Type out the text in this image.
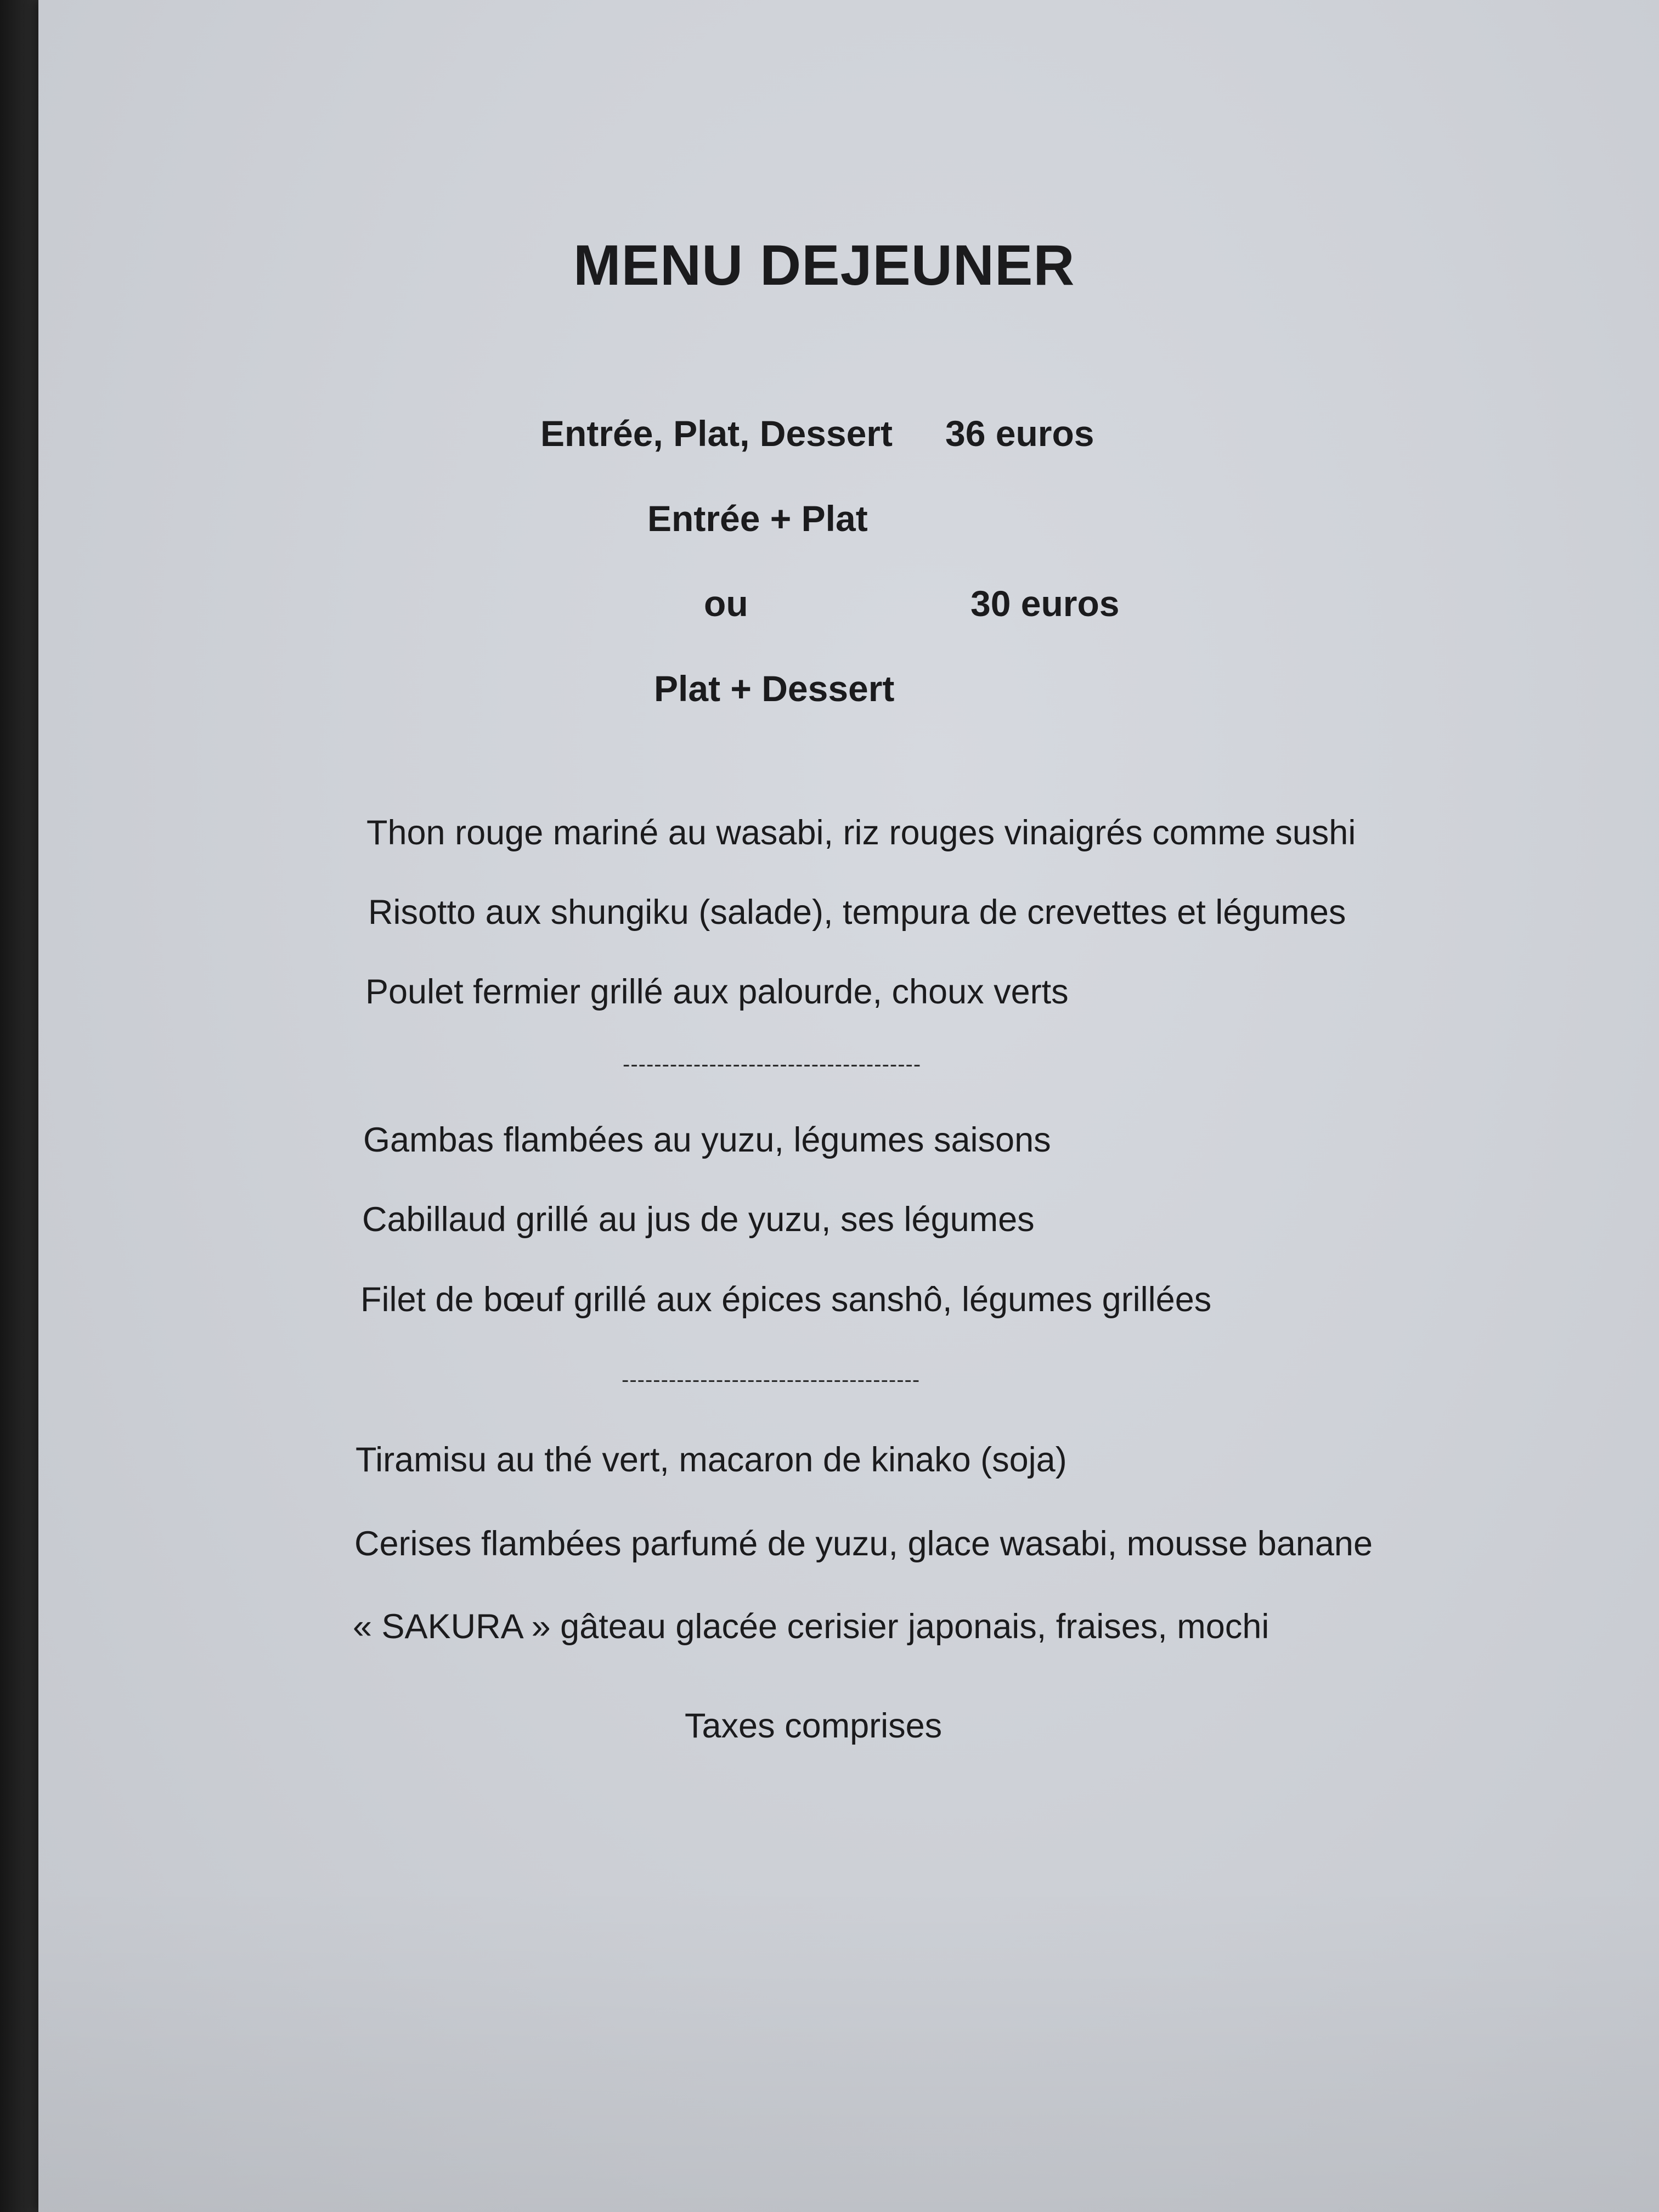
MENU DEJEUNER
Entrée, Plat, Dessert 36 euros
Entrée + Plat
ou	30 euros
Plat + Dessert
Thon rouge mariné au wasabi, riz rouges vinaigrés comme sushi
Risotto aux shungiku (salade), tempura de crevettes et légumes
Poulet fermier grillé aux palourde, choux verts
--------------------------------------
Gambas flambées au yuzu, légumes saisons
Cabillaud grillé au jus de yuzu, ses légumes
Filet de bœuf grillé aux épices sanshô, légumes grillées
--------------------------------------
Tiramisu au thé vert, macaron de kinako (soja)
Cerises flambées parfumé de yuzu, glace wasabi, mousse banane
« SAKURA » gâteau glacée cerisier japonais, fraises, mochi
Taxes comprises
